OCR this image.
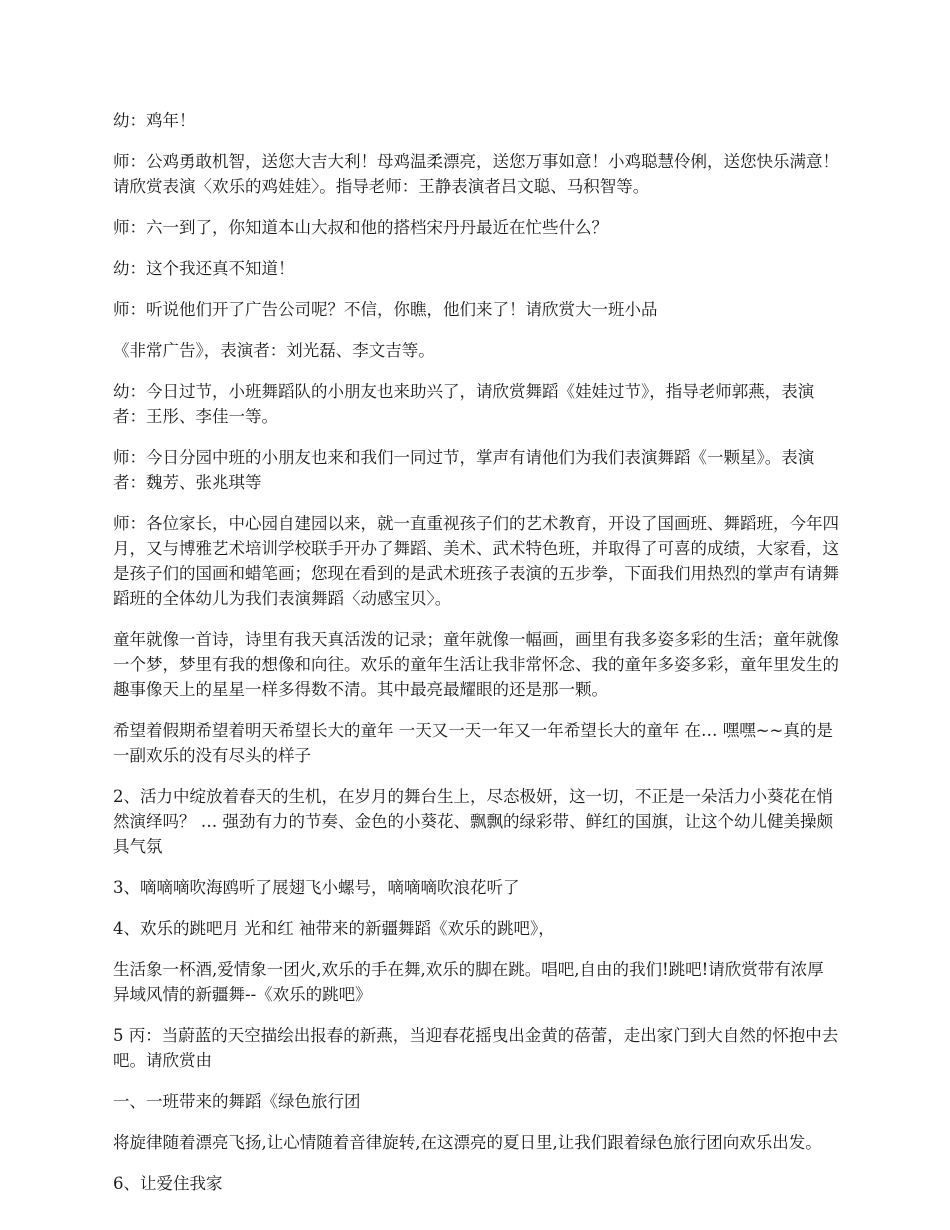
幼：鸡年！

师：公鸡勇敢机智，送您大吉大利！母鸡温柔漂亮，送您万事如意！小鸡聪慧伶俐，送您快乐满意！请欣赏表演〈欢乐的鸡娃娃〉。指导老师：王静表演者吕文聪、马积智等。

师：六一到了，你知道本山大叔和他的搭档宋丹丹最近在忙些什么？

幼：这个我还真不知道！

师：听说他们开了广告公司呢？不信，你瞧，他们来了！请欣赏大一班小品

《非常广告》，表演者：刘光磊、李文吉等。

幼：今日过节，小班舞蹈队的小朋友也来助兴了，请欣赏舞蹈《娃娃过节》，指导老师郭燕，表演者：王彤、李佳一等。

师：今日分园中班的小朋友也来和我们一同过节，掌声有请他们为我们表演舞蹈《一颗星》。表演者：魏芳、张兆琪等

师：各位家长，中心园自建园以来，就一直重视孩子们的艺术教育，开设了国画班、舞蹈班，今年四月，又与博雅艺术培训学校联手开办了舞蹈、美术、武术特色班，并取得了可喜的成绩，大家看，这是孩子们的国画和蜡笔画；您现在看到的是武术班孩子表演的五步拳，下面我们用热烈的掌声有请舞蹈班的全体幼儿为我们表演舞蹈〈动感宝贝〉。

童年就像一首诗，诗里有我天真活泼的记录；童年就像一幅画，画里有我多姿多彩的生活；童年就像一个梦，梦里有我的想像和向往。欢乐的童年生活让我非常怀念、我的童年多姿多彩，童年里发生的趣事像天上的星星一样多得数不清。其中最亮最耀眼的还是那一颗。

希望着假期希望着明天希望长大的童年 一天又一天一年又一年希望长大的童年 在… 嘿嘿~~真的是一副欢乐的没有尽头的样子

2、活力中绽放着春天的生机，在岁月的舞台生上，尽态极妍，这一切，不正是一朵活力小葵花在悄然演绎吗？ … 强劲有力的节奏、金色的小葵花、飘飘的绿彩带、鲜红的国旗，让这个幼儿健美操颇具气氛

3、嘀嘀嘀吹海鸥听了展翅飞小螺号，嘀嘀嘀吹浪花听了

4、欢乐的跳吧月 光和红 袖带来的新疆舞蹈《欢乐的跳吧》，

生活象一杯酒,爱情象一团火,欢乐的手在舞,欢乐的脚在跳。唱吧,自由的我们!跳吧!请欣赏带有浓厚异域风情的新疆舞--《欢乐的跳吧》

5 丙：当蔚蓝的天空描绘出报春的新燕，当迎春花摇曳出金黄的蓓蕾，走出家门到大自然的怀抱中去吧。请欣赏由

一、一班带来的舞蹈《绿色旅行团

将旋律随着漂亮飞扬,让心情随着音律旋转,在这漂亮的夏日里,让我们跟着绿色旅行团向欢乐出发。

6、让爱住我家
